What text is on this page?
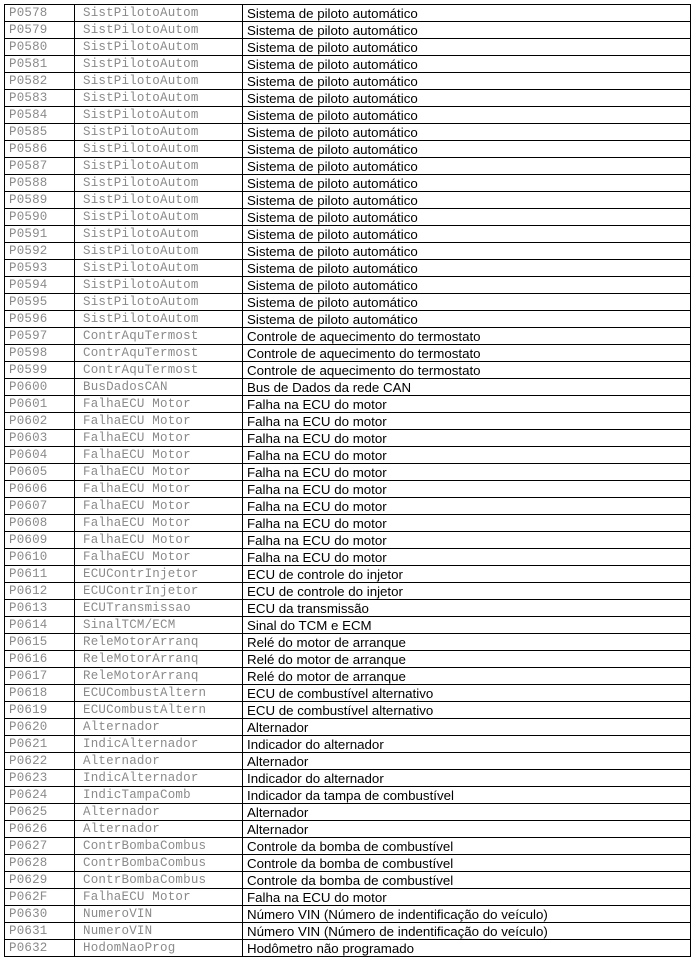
P0578	SistPilotoAutom	Sistema de piloto automático
P0579	SistPilotoAutom	Sistema de piloto automático
P0580	SistPilotoAutom	Sistema de piloto automático
P0581	SistPilotoAutom	Sistema de piloto automático
P0582	SistPilotoAutom	Sistema de piloto automático
P0583	SistPilotoAutom	Sistema de piloto automático
P0584	SistPilotoAutom	Sistema de piloto automático
P0585	SistPilotoAutom	Sistema de piloto automático
P0586	SistPilotoAutom	Sistema de piloto automático
P0587	SistPilotoAutom	Sistema de piloto automático
P0588	SistPilotoAutom	Sistema de piloto automático
P0589	SistPilotoAutom	Sistema de piloto automático
P0590	SistPilotoAutom	Sistema de piloto automático
P0591	SistPilotoAutom	Sistema de piloto automático
P0592	SistPilotoAutom	Sistema de piloto automático
P0593	SistPilotoAutom	Sistema de piloto automático
P0594	SistPilotoAutom	Sistema de piloto automático
P0595	SistPilotoAutom	Sistema de piloto automático
P0596	SistPilotoAutom	Sistema de piloto automático
P0597	ContrAquTermost	Controle de aquecimento do termostato
P0598	ContrAquTermost	Controle de aquecimento do termostato
P0599	ContrAquTermost	Controle de aquecimento do termostato
P0600	BusDadosCAN	Bus de Dados da rede CAN
P0601	FalhaECU Motor	Falha na ECU do motor
P0602	FalhaECU Motor	Falha na ECU do motor
P0603	FalhaECU Motor	Falha na ECU do motor
P0604	FalhaECU Motor	Falha na ECU do motor
P0605	FalhaECU Motor	Falha na ECU do motor
P0606	FalhaECU Motor	Falha na ECU do motor
P0607	FalhaECU Motor	Falha na ECU do motor
P0608	FalhaECU Motor	Falha na ECU do motor
P0609	FalhaECU Motor	Falha na ECU do motor
P0610	FalhaECU Motor	Falha na ECU do motor
P0611	ECUContrInjetor	ECU de controle do injetor
P0612	ECUContrInjetor	ECU de controle do injetor
P0613	ECUTransmissao	ECU da transmissão
P0614	SinalTCM/ECM	Sinal do TCM e ECM
P0615	ReleMotorArranq	Relé do motor de arranque
P0616	ReleMotorArranq	Relé do motor de arranque
P0617	ReleMotorArranq	Relé do motor de arranque
P0618	ECUCombustAltern	ECU de combustível alternativo
P0619	ECUCombustAltern	ECU de combustível alternativo
P0620	Alternador	Alternador
P0621	IndicAlternador	Indicador do alternador
P0622	Alternador	Alternador
P0623	IndicAlternador	Indicador do alternador
P0624	IndicTampaComb	Indicador da tampa de combustível
P0625	Alternador	Alternador
P0626	Alternador	Alternador
P0627	ContrBombaCombus	Controle da bomba de combustível
P0628	ContrBombaCombus	Controle da bomba de combustível
P0629	ContrBombaCombus	Controle da bomba de combustível
P062F	FalhaECU Motor	Falha na ECU do motor
P0630	NumeroVIN	Número VIN (Número de indentificação do veículo)
P0631	NumeroVIN	Número VIN (Número de indentificação do veículo)
P0632	HodomNaoProg	Hodômetro não programado
